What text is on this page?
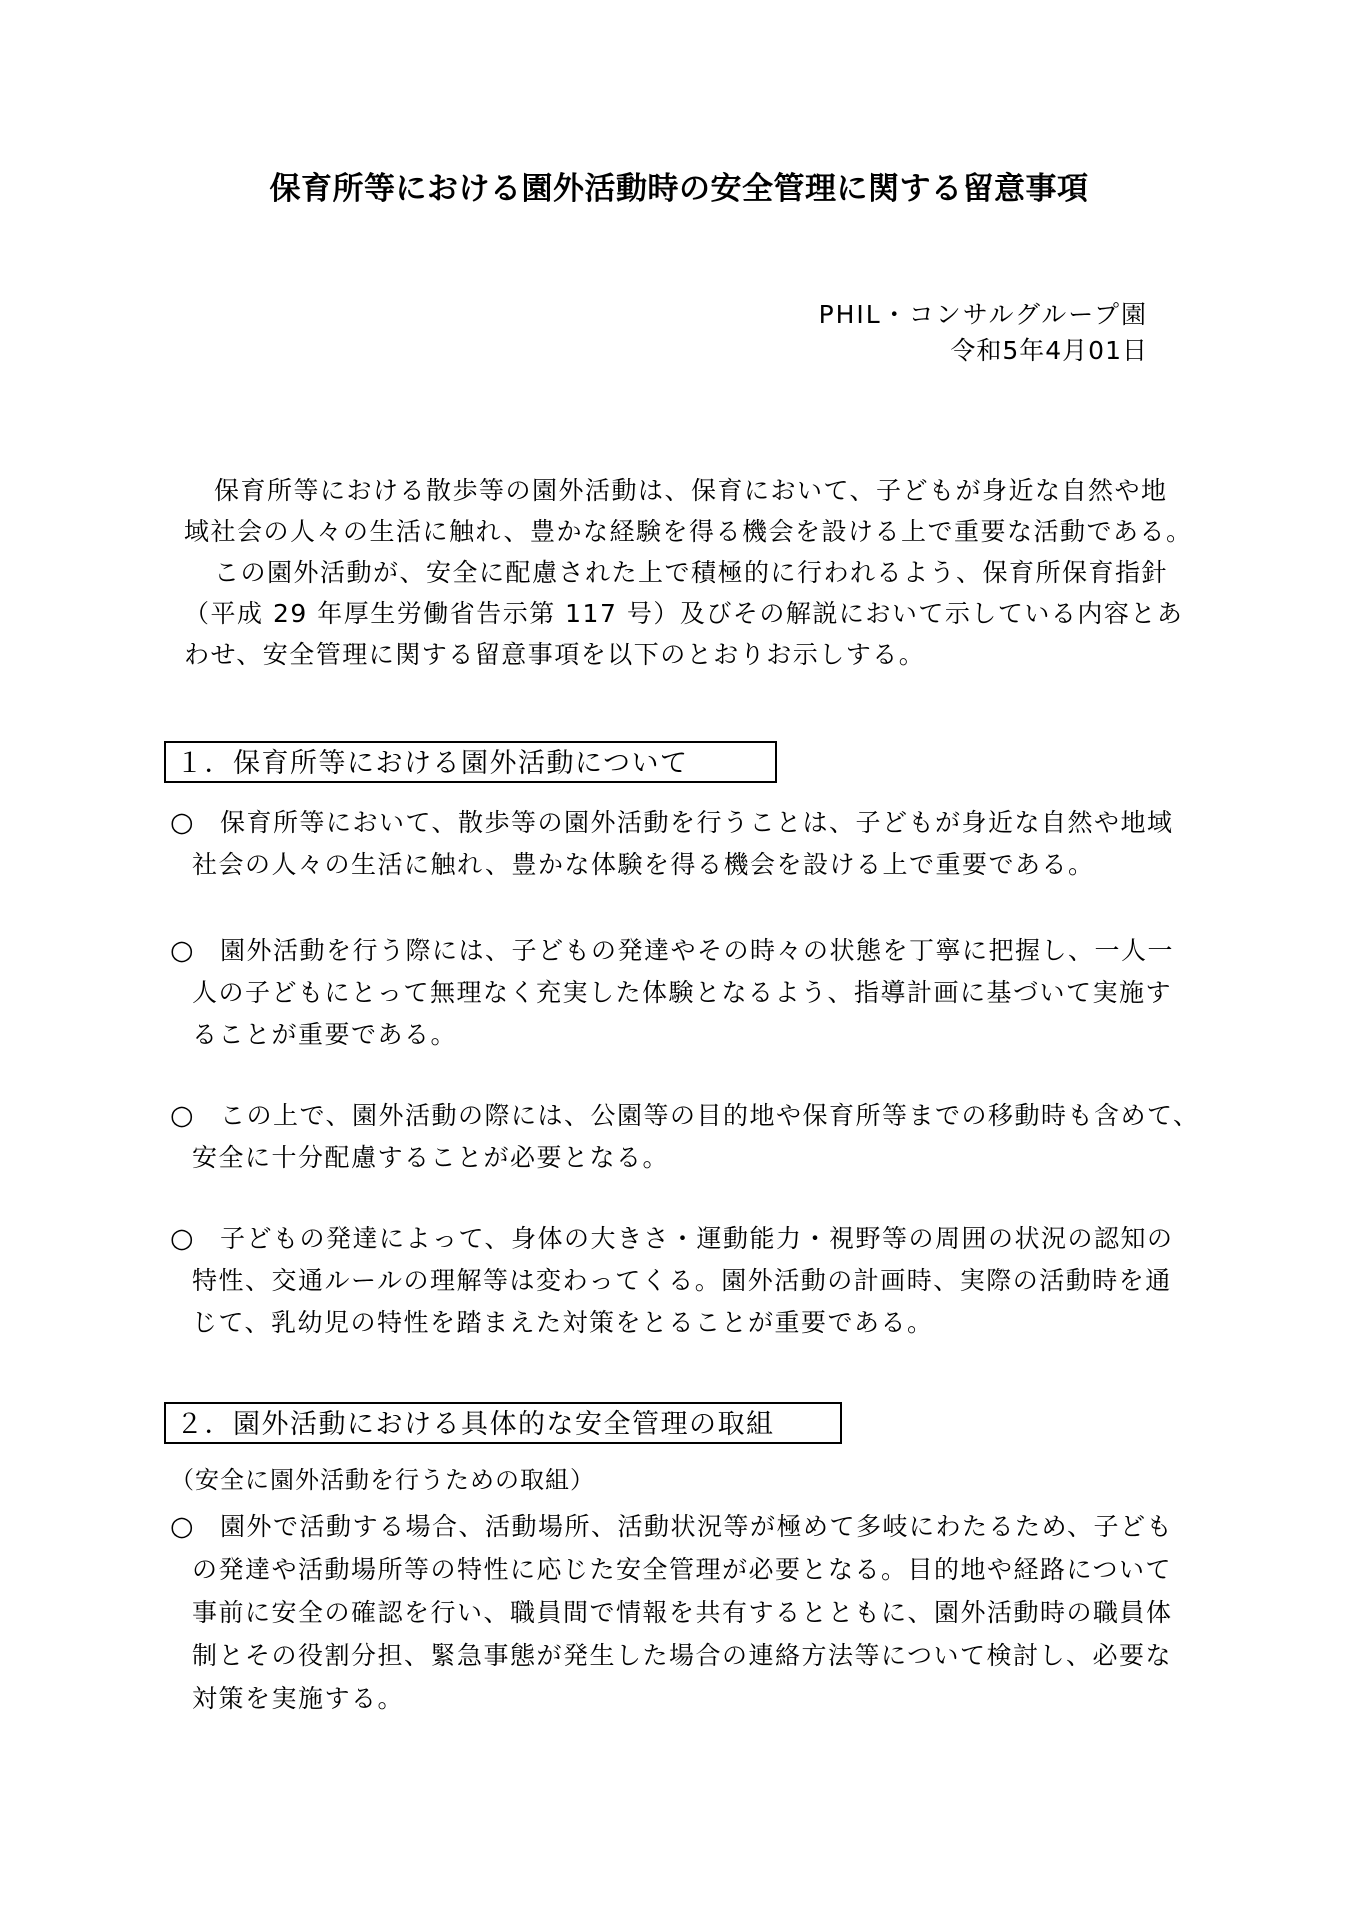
保育所等における園外活動時の安全管理に関する留意事項
PHIL・コンサルグループ園
令和5年4月01日
保育所等における散歩等の園外活動は、保育において、子どもが身近な自然や地
域社会の人々の生活に触れ、豊かな経験を得る機会を設ける上で重要な活動である。
この園外活動が、安全に配慮された上で積極的に行われるよう、保育所保育指針
（平成 29 年厚生労働省告示第 117 号）及びその解説において示している内容とあ
わせ、安全管理に関する留意事項を以下のとおりお示しする。
１．保育所等における園外活動について
○ 保育所等において、散歩等の園外活動を行うことは、子どもが身近な自然や地域
社会の人々の生活に触れ、豊かな体験を得る機会を設ける上で重要である。
○ 園外活動を行う際には、子どもの発達やその時々の状態を丁寧に把握し、一人一
人の子どもにとって無理なく充実した体験となるよう、指導計画に基づいて実施す
ることが重要である。
○ この上で、園外活動の際には、公園等の目的地や保育所等までの移動時も含めて、
安全に十分配慮することが必要となる。
○ 子どもの発達によって、身体の大きさ・運動能力・視野等の周囲の状況の認知の
特性、交通ルールの理解等は変わってくる。園外活動の計画時、実際の活動時を通
じて、乳幼児の特性を踏まえた対策をとることが重要である。
２．園外活動における具体的な安全管理の取組
（安全に園外活動を行うための取組）
○ 園外で活動する場合、活動場所、活動状況等が極めて多岐にわたるため、子ども
の発達や活動場所等の特性に応じた安全管理が必要となる。目的地や経路について
事前に安全の確認を行い、職員間で情報を共有するとともに、園外活動時の職員体
制とその役割分担、緊急事態が発生した場合の連絡方法等について検討し、必要な
対策を実施する。
